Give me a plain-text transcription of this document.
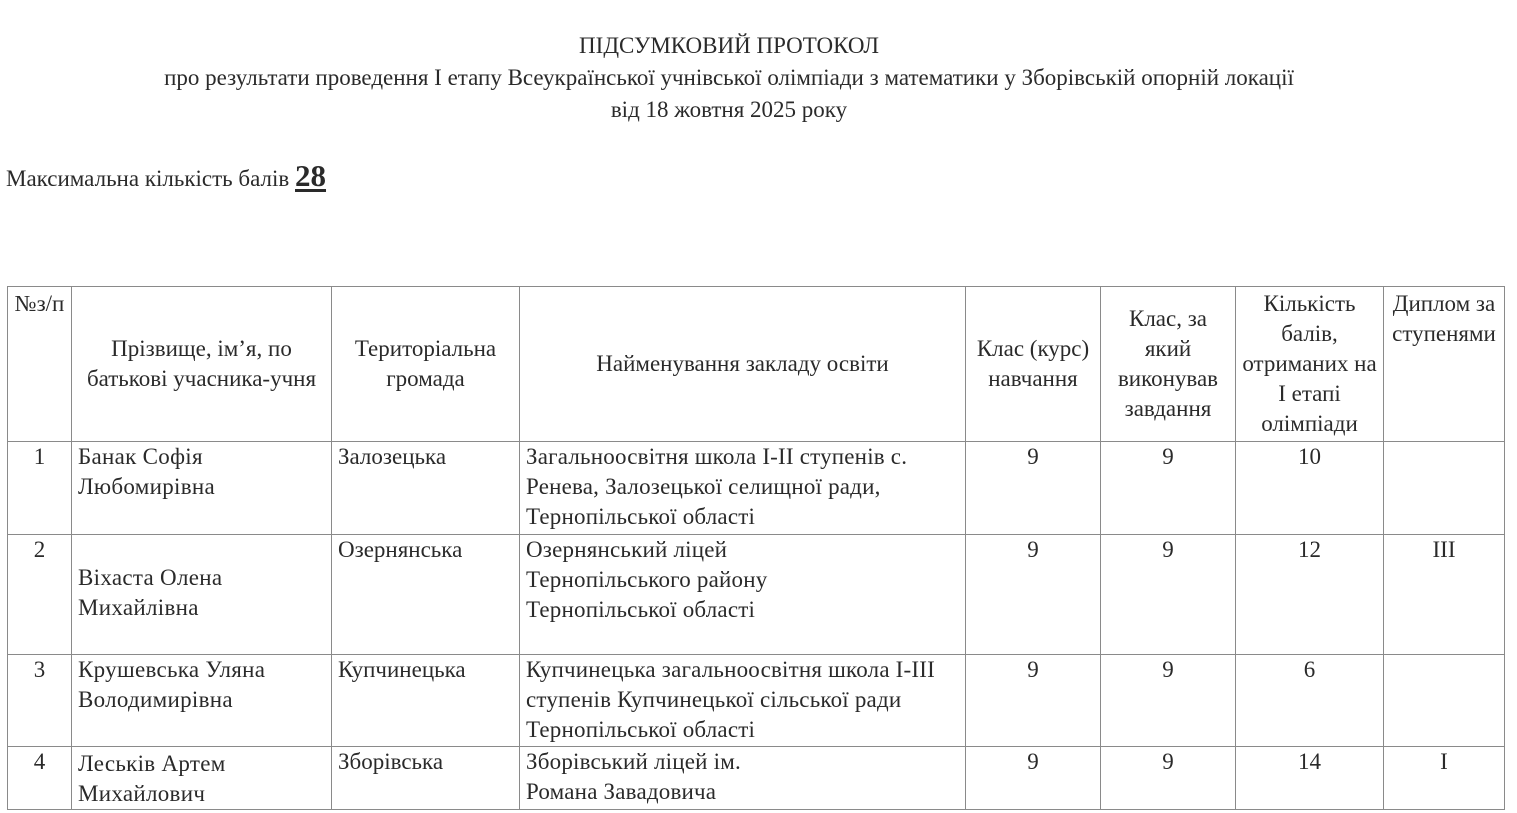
ПІДСУМКОВИЙ ПРОТОКОЛ
про результати проведення І етапу Всеукраїнської учнівської олімпіади з математики у Зборівській опорній локації
від 18 жовтня 2025 року
Максимальна кількість балів 28
№з/п	Прізвище, ім’я, по батькові учасника-учня	Територіальна громада	Найменування закладу освіти	Клас (курс) навчання	Клас, за який виконував завдання	Кількість балів, отриманих на І етапі олімпіади	Диплом за ступенями
1	Банак Софія Любомирівна	Залозецька	Загальноосвітня школа І-ІІ ступенів с. Ренева, Залозецької селищної ради, Тернопільської області	9	9	10	
2	Віхаста Олена Михайлівна	Озернянська	Озернянський ліцей Тернопільського району Тернопільської області	9	9	12	III
3	Крушевська Уляна Володимирівна	Купчинецька	Купчинецька загальноосвітня школа І-ІІІ ступенів Купчинецької сільської ради Тернопільської області	9	9	6	
4	Леськів Артем Михайлович	Зборівська	Зборівський ліцей ім. Романа Завадовича	9	9	14	I
